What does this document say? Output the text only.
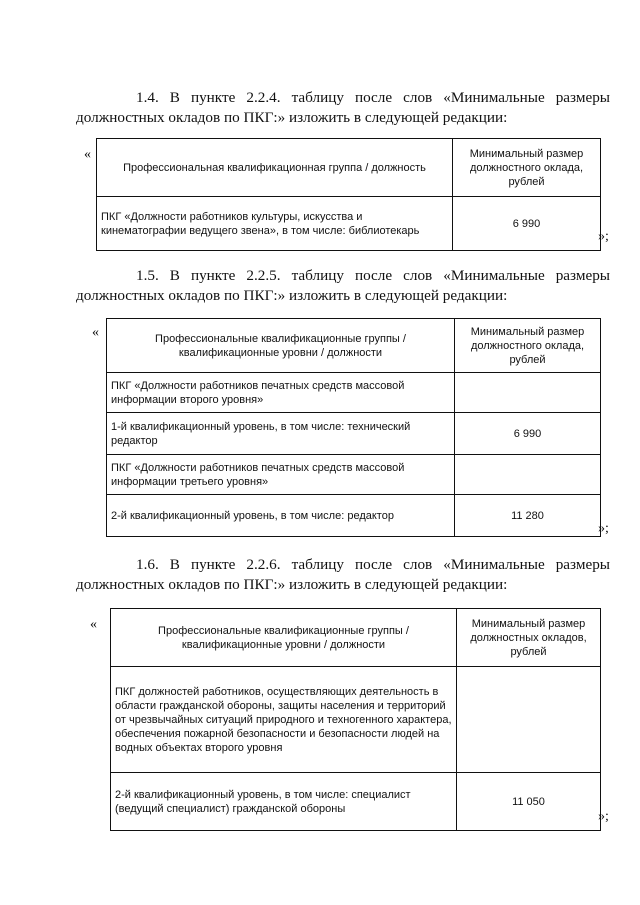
1.4. В пункте 2.2.4. таблицу после слов «Минимальные размеры
должностных окладов по ПКГ:» изложить в следующей редакции:
«
Профессиональная квалификационная группа / должность	Минимальный размер должностного оклада, рублей
ПКГ «Должности работников культуры, искусства и кинематографии ведущего звена», в том числе: библиотекарь	6 990
»;
1.5. В пункте 2.2.5. таблицу после слов «Минимальные размеры
должностных окладов по ПКГ:» изложить в следующей редакции:
«	Профессиональные квалификационные группы / квалификационные уровни / должности	Минимальный размер должностного оклада, рублей
ПКГ «Должности работников печатных средств массовой информации второго уровня»	
1-й квалификационный уровень, в том числе: технический редактор	6 990
ПКГ «Должности работников печатных средств массовой информации третьего уровня»	
2-й квалификационный уровень, в том числе: редактор	11 280
»;
1.6. В пункте 2.2.6. таблицу после слов «Минимальные размеры
должностных окладов по ПКГ:» изложить в следующей редакции:
«	Профессиональные квалификационные группы / квалификационные уровни / должности	Минимальный размер должностных окладов, рублей
ПКГ должностей работников, осуществляющих деятельность в области гражданской обороны, защиты населения и территорий от чрезвычайных ситуаций природного и техногенного характера, обеспечения пожарной безопасности и безопасности людей на водных объектах второго уровня	
2-й квалификационный уровень, в том числе: специалист (ведущий специалист) гражданской обороны	11 050
»;
